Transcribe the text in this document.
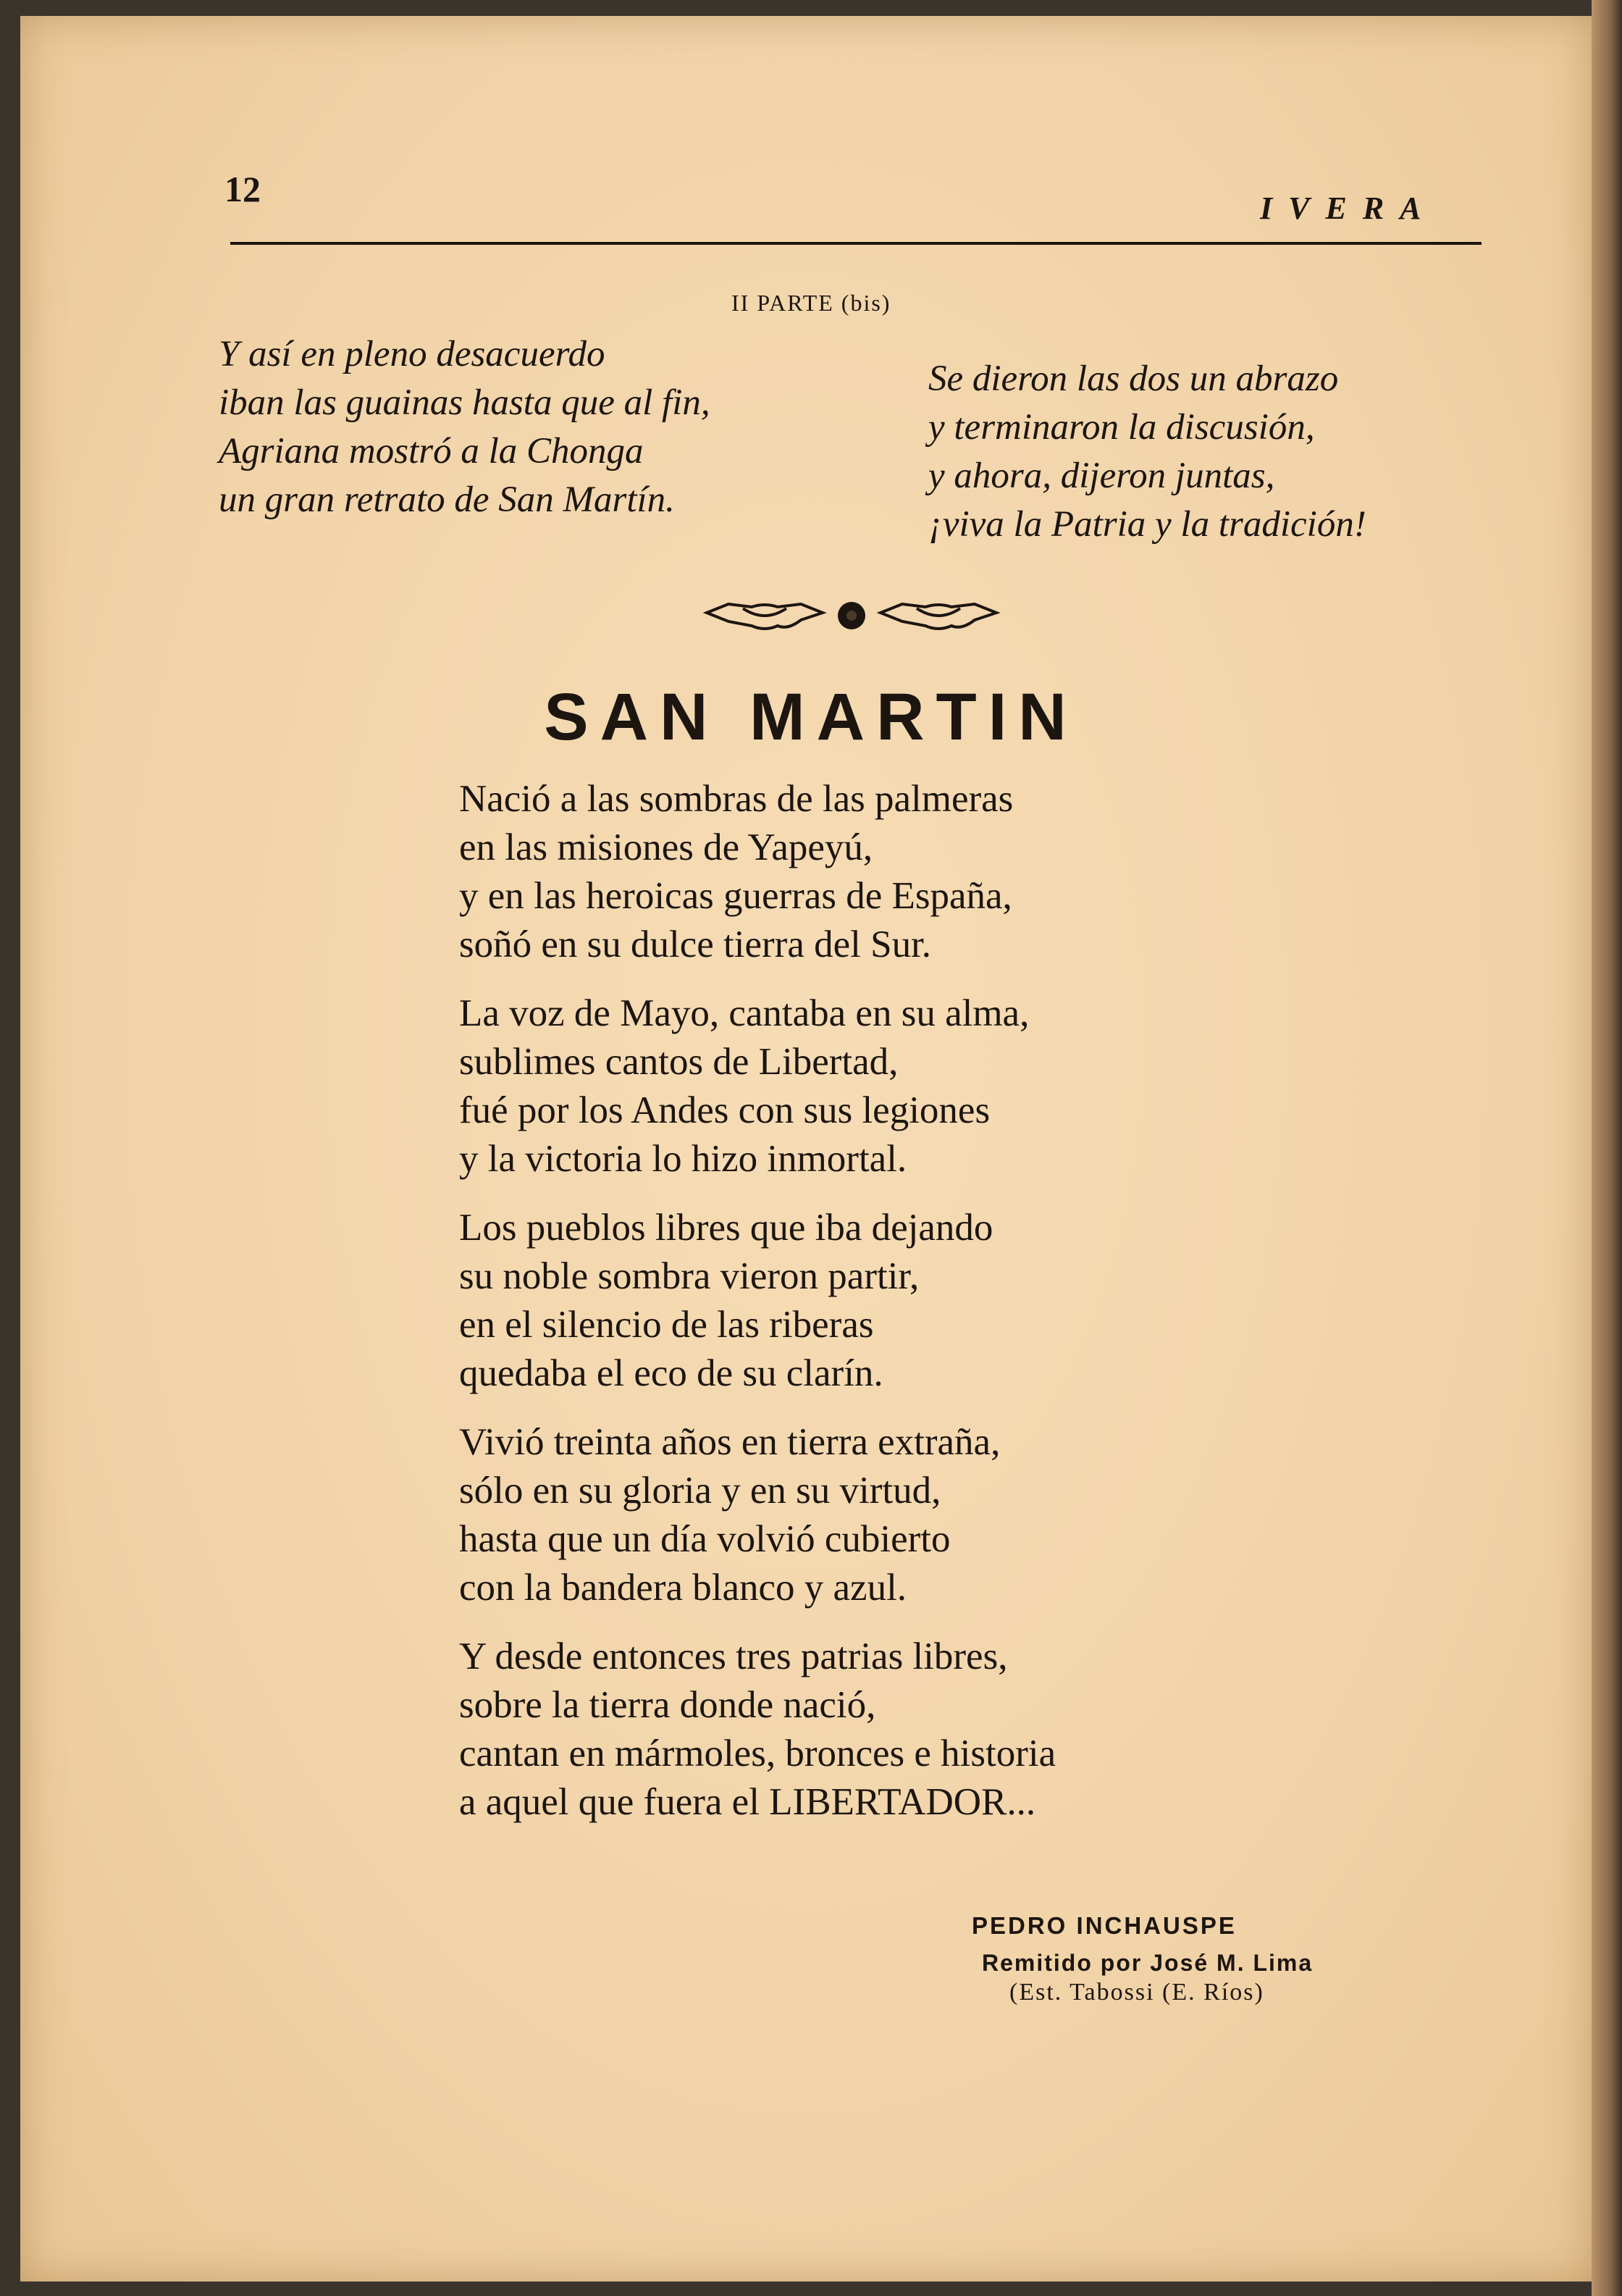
12	IVERA
II PARTE (bis)
Y así en pleno desacuerdo
iban las guainas hasta que al fin,
Agriana mostró a la Chonga
un gran retrato de San Martín.
Se dieron las dos un abrazo
y terminaron la discusión,
y ahora, dijeron juntas,
¡viva la Patria y la tradición!
SAN MARTIN
Nació a las sombras de las palmeras
en las misiones de Yapeyú,
y en las heroicas guerras de España,
soñó en su dulce tierra del Sur.
La voz de Mayo, cantaba en su alma,
sublimes cantos de Libertad,
fué por los Andes con sus legiones
y la victoria lo hizo inmortal.
Los pueblos libres que iba dejando
su noble sombra vieron partir,
en el silencio de las riberas
quedaba el eco de su clarín.
Vivió treinta años en tierra extraña,
sólo en su gloria y en su virtud,
hasta que un día volvió cubierto
con la bandera blanco y azul.
Y desde entonces tres patrias libres,
sobre la tierra donde nació,
cantan en mármoles, bronces e historia
a aquel que fuera el LIBERTADOR...
PEDRO INCHAUSPE
Remitido por José M. Lima
(Est. Tabossi (E. Ríos)
